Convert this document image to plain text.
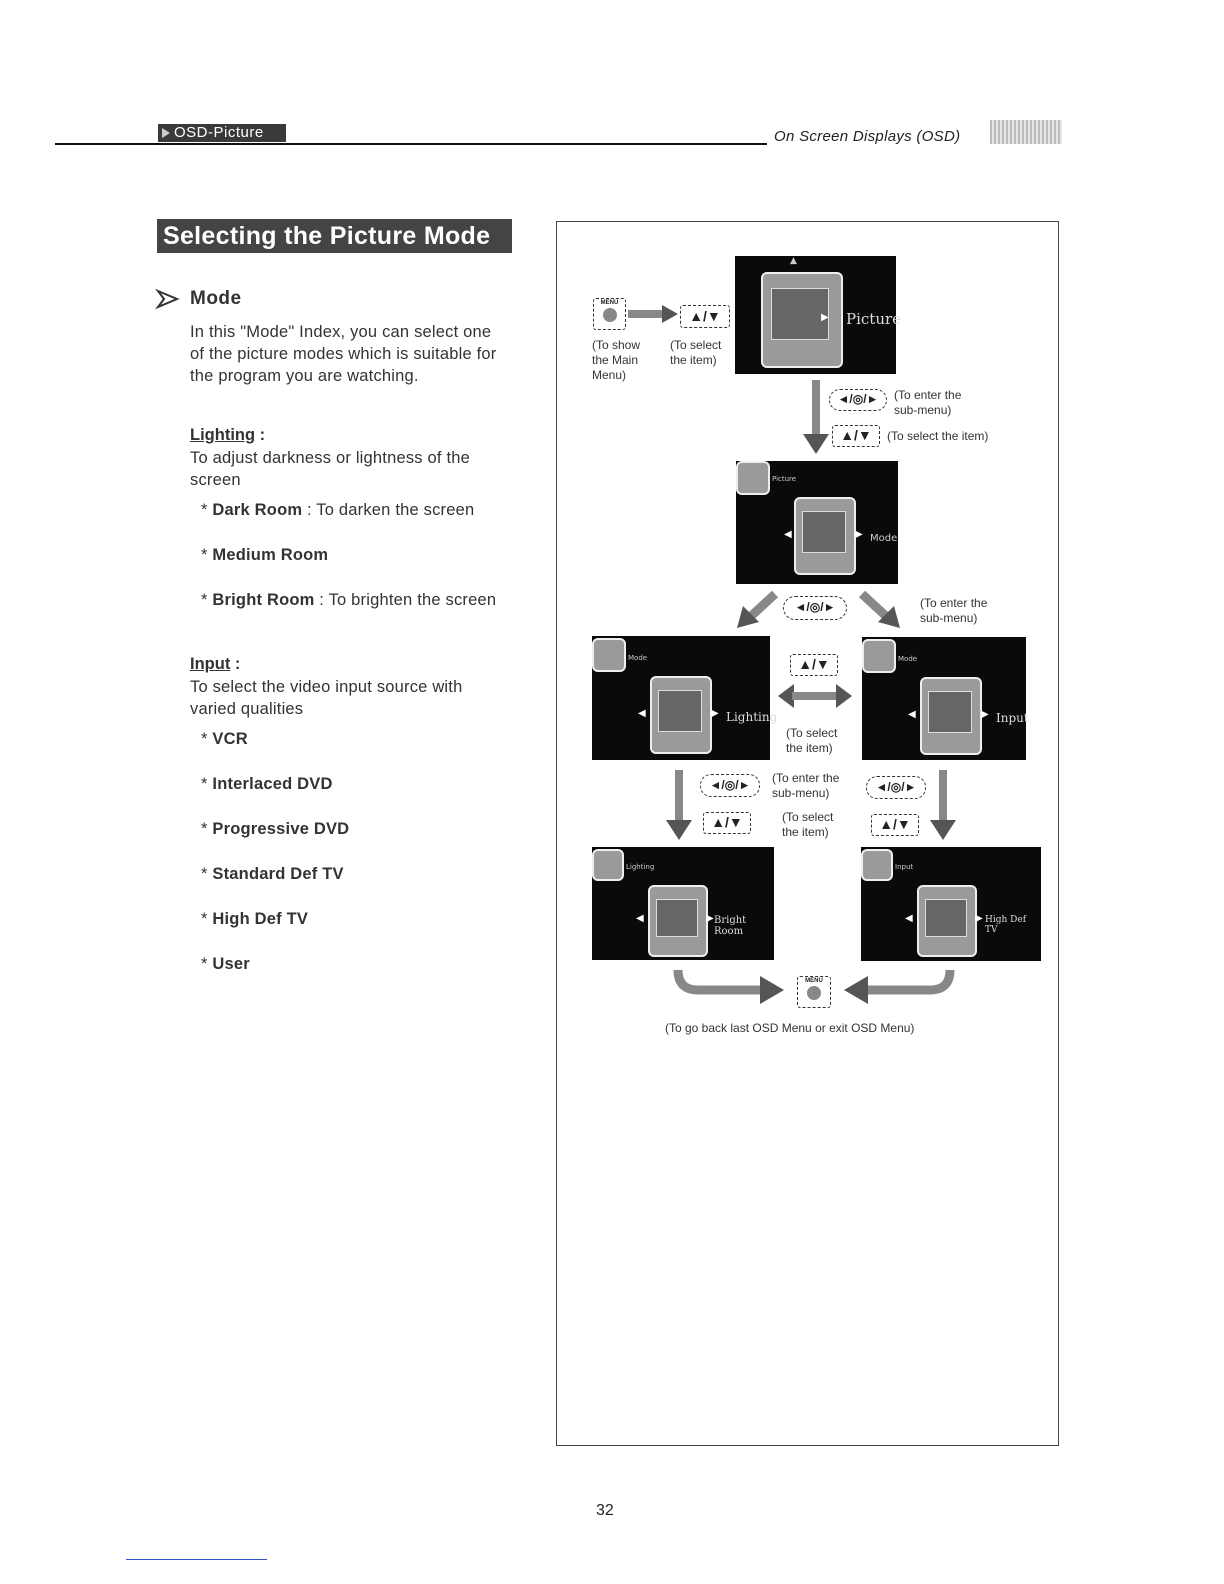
OSD-Picture	On Screen Displays (OSD)
Selecting the Picture Mode
Mode
In this "Mode" Index, you can select one
of the picture modes which is suitable for
the program you are watching.
Lighting :
To adjust darkness or lightness of the
screen
* Dark Room : To darken the screen
* Medium Room
* Bright Room : To brighten the screen
Input :
To select the video input source with
varied qualities
* VCR
* Interlaced DVD
* Progressive DVD
* Standard Def TV
* High Def TV
* User
MENU
▲/▼
(To show
the Main
Menu)
(To select
the item)
▶
▲
Picture
◄/◎/►	(To enter the
sub-menu)
▲/▼	(To select the item)
Picture
▶
◀	Mode
◄/◎/►	(To enter the
sub-menu)
Mode
▶
◀	Lighting
▲/▼
(To select
the item)
Mode
▶
◀	Input
◄/◎/►
▲/▼
(To enter the
sub-menu)
(To select
the item)
◄/◎/►
▲/▼
Lighting
▶
◀	Bright Room
Input
▶
◀	High Def TV
MENU
(To go back last OSD Menu or exit OSD Menu)
32
